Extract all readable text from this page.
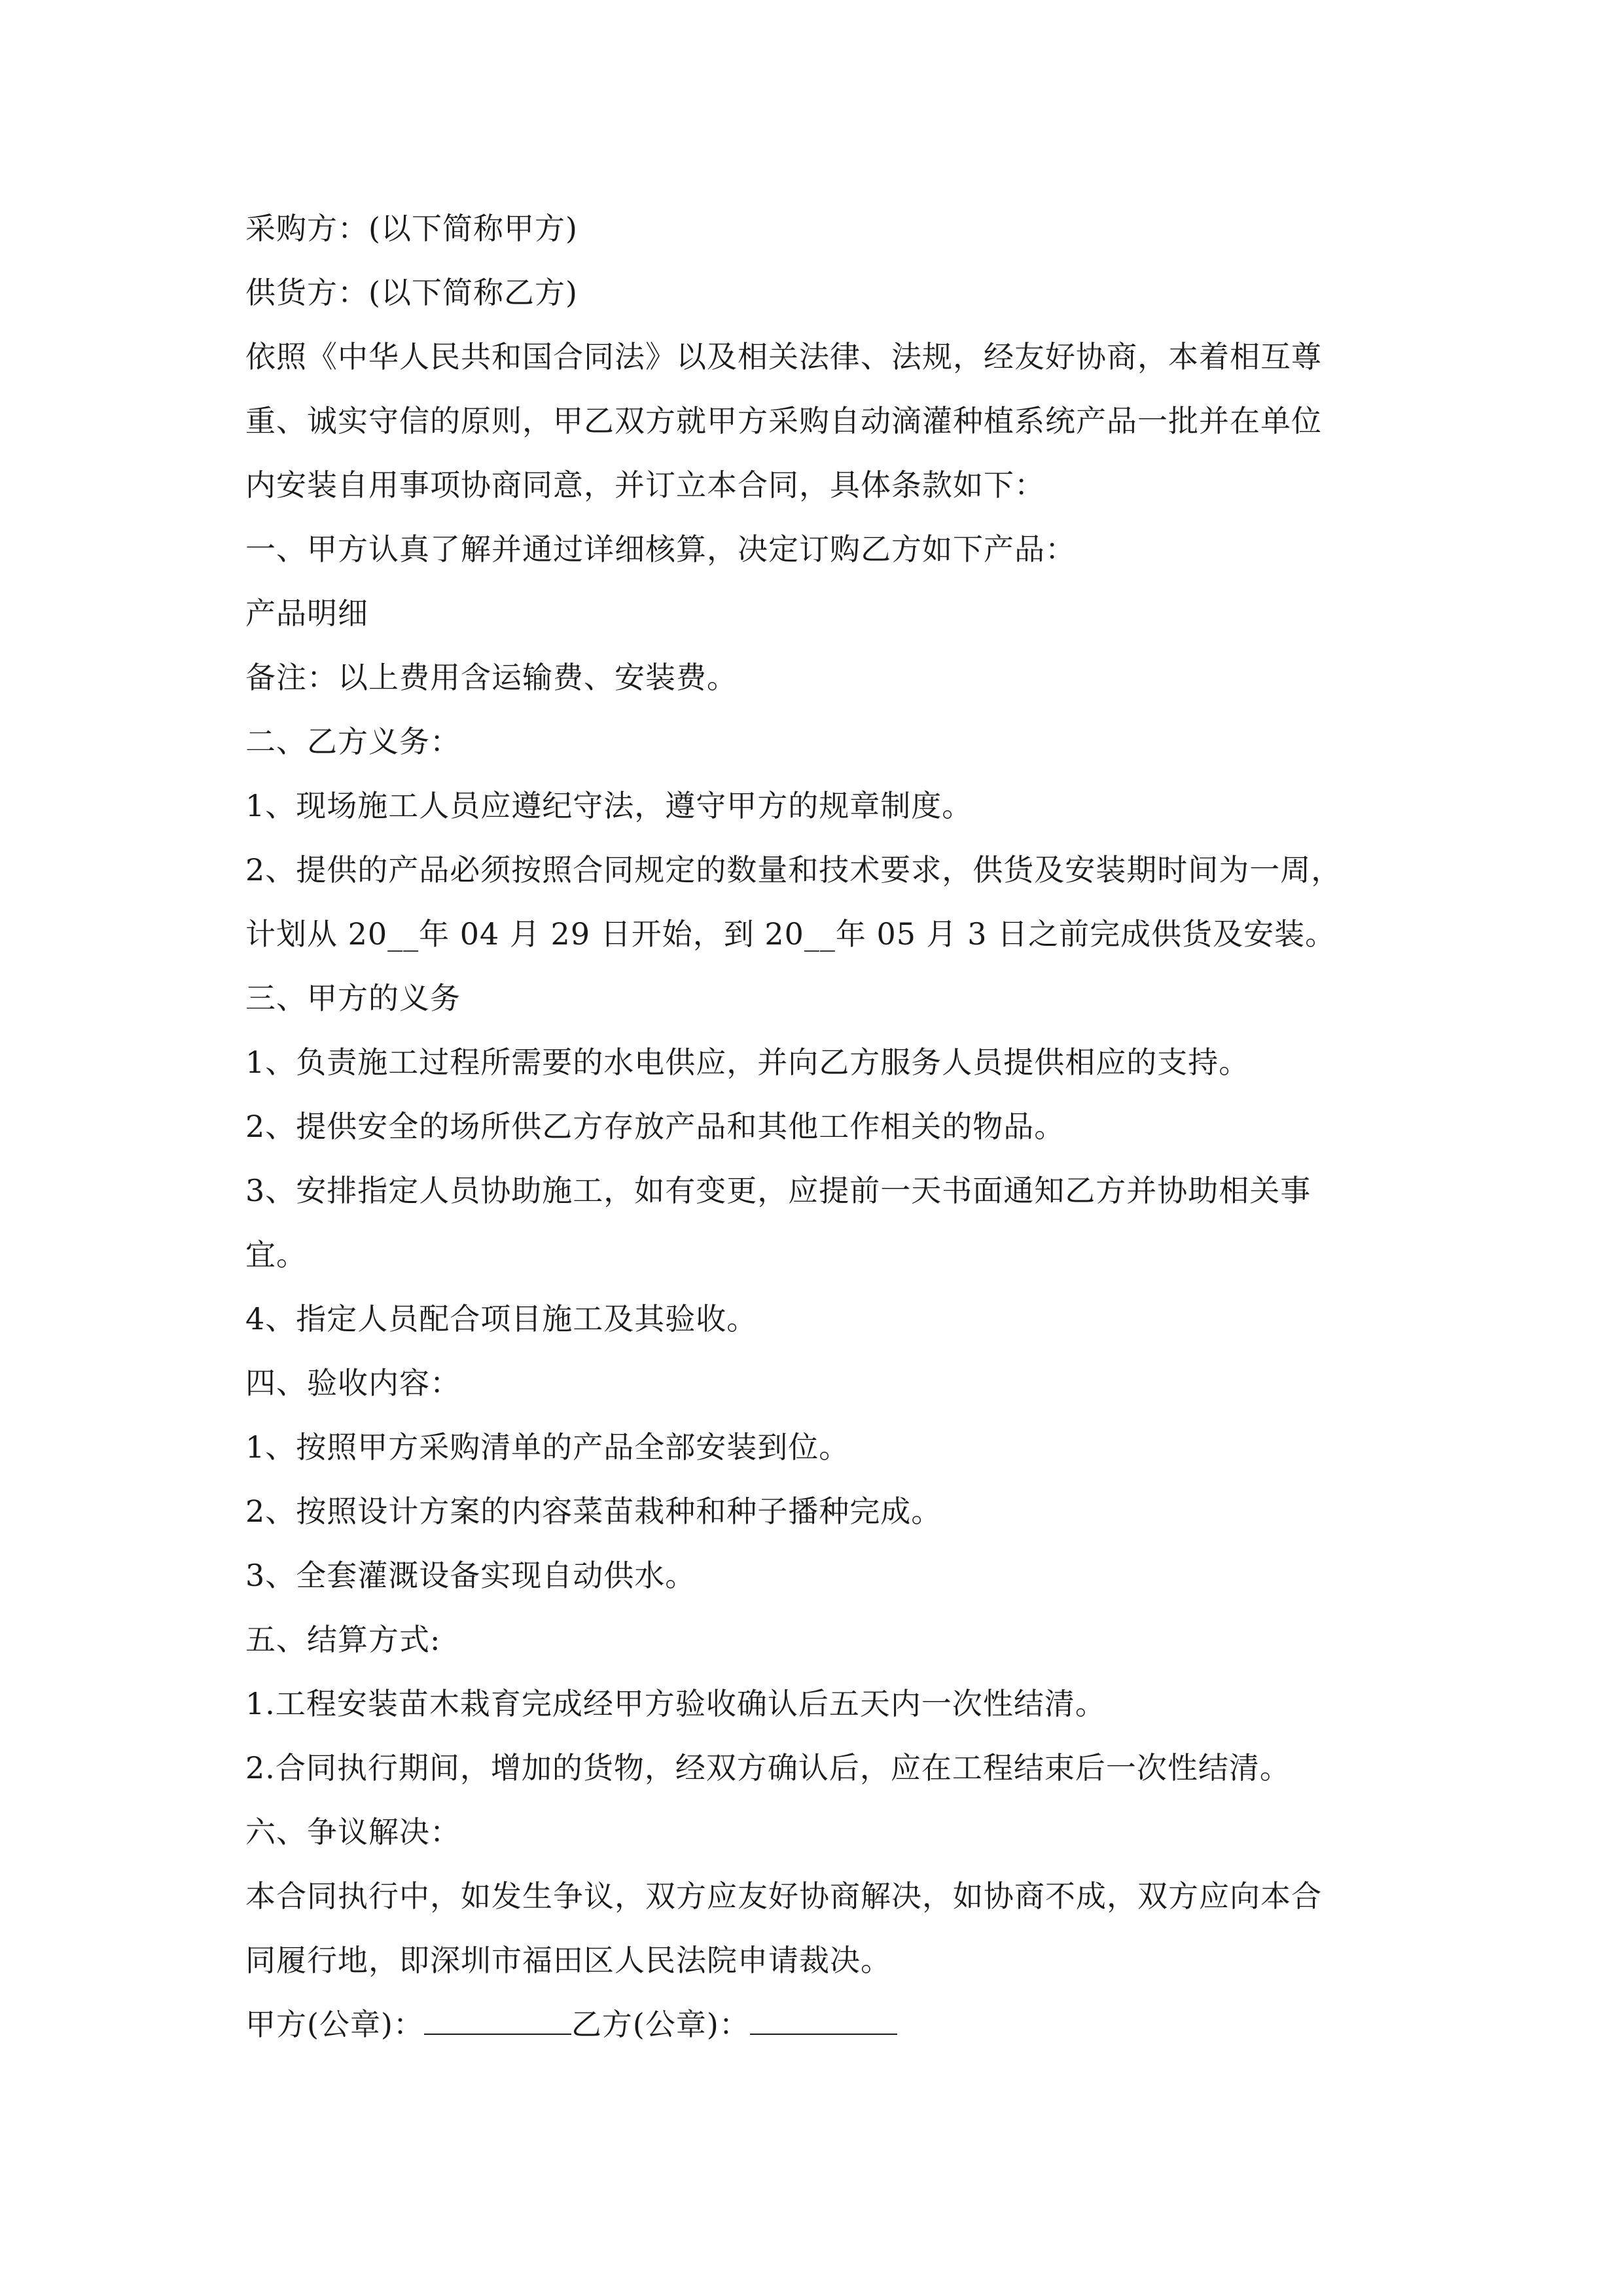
采购方：(以下简称甲方)
供货方：(以下简称乙方)
依照《中华人民共和国合同法》以及相关法律、法规，经友好协商，本着相互尊
重、诚实守信的原则，甲乙双方就甲方采购自动滴灌种植系统产品一批并在单位
内安装自用事项协商同意，并订立本合同，具体条款如下：
一、甲方认真了解并通过详细核算，决定订购乙方如下产品：
产品明细
备注：以上费用含运输费、安装费。
二、乙方义务：
1、现场施工人员应遵纪守法，遵守甲方的规章制度。
2、提供的产品必须按照合同规定的数量和技术要求，供货及安装期时间为一周，
计划从 20__年 04 月 29 日开始，到 20__年 05 月 3 日之前完成供货及安装。
三、甲方的义务
1、负责施工过程所需要的水电供应，并向乙方服务人员提供相应的支持。
2、提供安全的场所供乙方存放产品和其他工作相关的物品。
3、安排指定人员协助施工，如有变更，应提前一天书面通知乙方并协助相关事
宜。
4、指定人员配合项目施工及其验收。
四、验收内容：
1、按照甲方采购清单的产品全部安装到位。
2、按照设计方案的内容菜苗栽种和种子播种完成。
3、全套灌溉设备实现自动供水。
五、结算方式:
1.工程安装苗木栽育完成经甲方验收确认后五天内一次性结清。
2.合同执行期间，增加的货物，经双方确认后，应在工程结束后一次性结清。
六、争议解决：
本合同执行中，如发生争议，双方应友好协商解决，如协商不成，双方应向本合
同履行地，即深圳市福田区人民法院申请裁决。
甲方(公章)：	乙方(公章)：
